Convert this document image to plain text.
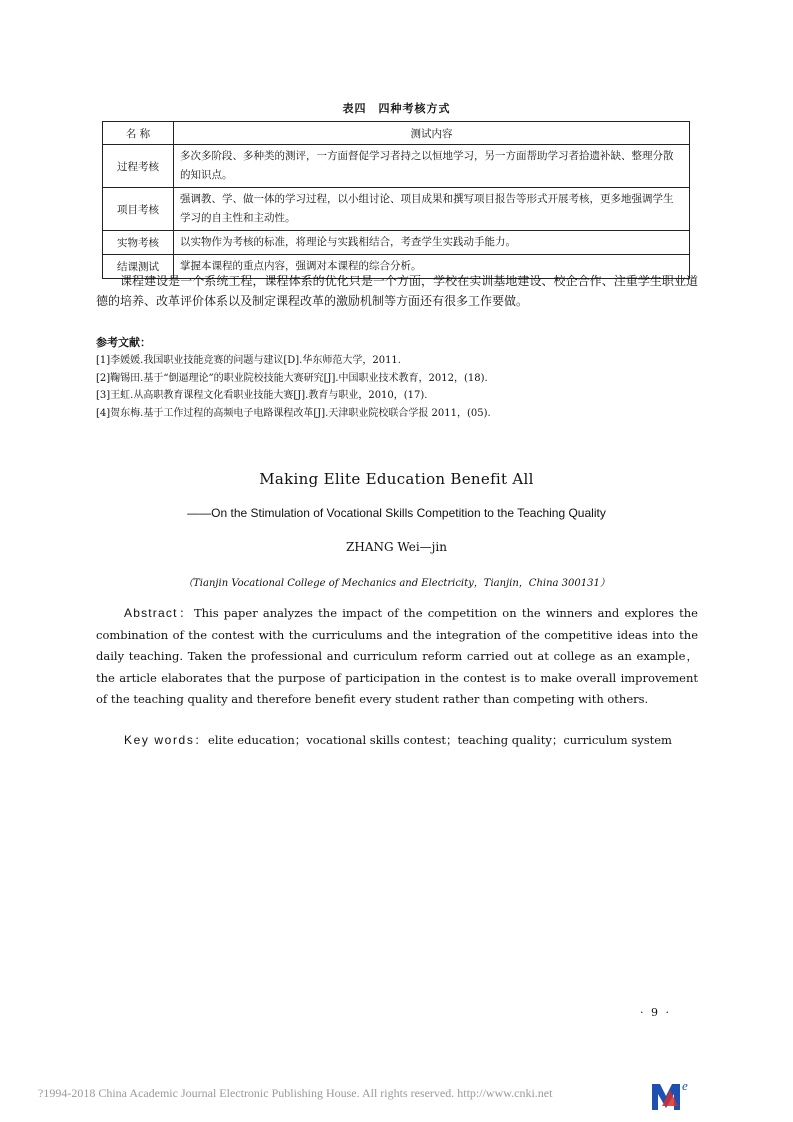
表四　四种考核方式
名 称	测试内容
过程考核	多次多阶段、多种类的测评，一方面督促学习者持之以恒地学习，另一方面帮助学习者拾遗补缺、整理分散的知识点。
项目考核	强调教、学、做一体的学习过程，以小组讨论、项目成果和撰写项目报告等形式开展考核，更多地强调学生学习的自主性和主动性。
实物考核	以实物作为考核的标准，将理论与实践相结合，考查学生实践动手能力。
结课测试	掌握本课程的重点内容，强调对本课程的综合分析。
课程建设是一个系统工程，课程体系的优化只是一个方面，学校在实训基地建设、校企合作、注重学生职业道德的培养、改革评价体系以及制定课程改革的激励机制等方面还有很多工作要做。
参考文献：
[1]李媛媛.我国职业技能竞赛的问题与建议[D].华东师范大学，2011.
[2]鞠锡田.基于“倒逼理论”的职业院校技能大赛研究[J].中国职业技术教育，2012，(18).
[3]王虹.从高职教育课程文化看职业技能大赛[J].教育与职业，2010，(17).
[4]贺东梅.基于工作过程的高频电子电路课程改革[J].天津职业院校联合学报 2011，(05).
Making Elite Education Benefit All
——On the Stimulation of Vocational Skills Competition to the Teaching Quality
ZHANG Wei—jin
（Tianjin Vocational College of Mechanics and Electricity，Tianjin，China 300131）
Abstract：This paper analyzes the impact of the competition on the winners and explores the combination of the contest with the curriculums and the integration of the competitive ideas into the daily teaching. Taken the professional and curriculum reform carried out at college as an example，the article elaborates that the purpose of participation in the contest is to make overall improvement of the teaching quality and therefore benefit every student rather than competing with others.
Key words：elite education；vocational skills contest；teaching quality；curriculum system
· 9 ·
?1994-2018 China Academic Journal Electronic Publishing House. All rights reserved. http://www.cnki.net	e
